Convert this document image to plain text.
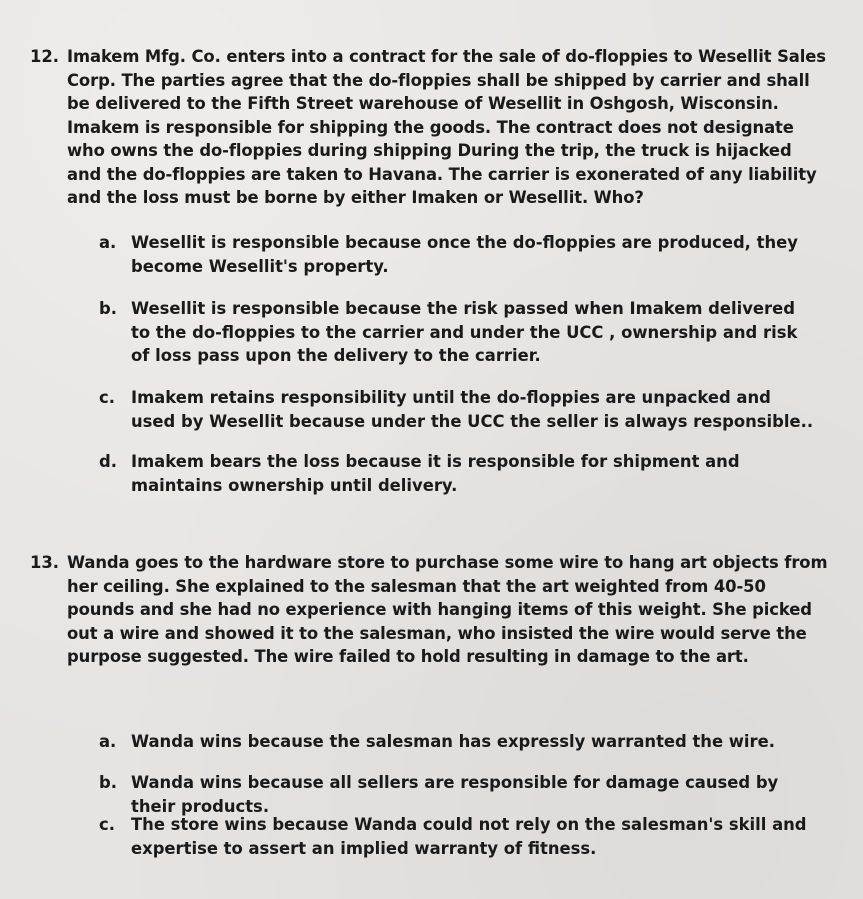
12. Imakem Mfg. Co. enters into a contract for the sale of do-floppies to Wesellit Sales Corp. The parties agree that the do-floppies shall be shipped by carrier and shall be delivered to the Fifth Street warehouse of Wesellit in Oshgosh, Wisconsin. Imakem is responsible for shipping the goods. The contract does not designate who owns the do-floppies during shipping During the trip, the truck is hijacked and the do-floppies are taken to Havana. The carrier is exonerated of any liability and the loss must be borne by either Imaken or Wesellit. Who?
a. Wesellit is responsible because once the do-floppies are produced, they become Wesellit's property.
b. Wesellit is responsible because the risk passed when Imakem delivered to the do-floppies to the carrier and under the UCC , ownership and risk of loss pass upon the delivery to the carrier.
c. Imakem retains responsibility until the do-floppies are unpacked and used by Wesellit because under the UCC the seller is always responsible..
d. Imakem bears the loss because it is responsible for shipment and maintains ownership until delivery.
13. Wanda goes to the hardware store to purchase some wire to hang art objects from her ceiling. She explained to the salesman that the art weighted from 40-50 pounds and she had no experience with hanging items of this weight. She picked out a wire and showed it to the salesman, who insisted the wire would serve the purpose suggested. The wire failed to hold resulting in damage to the art.
a. Wanda wins because the salesman has expressly warranted the wire.
b. Wanda wins because all sellers are responsible for damage caused by their products.
c. The store wins because Wanda could not rely on the salesman's skill and expertise to assert an implied warranty of fitness.
